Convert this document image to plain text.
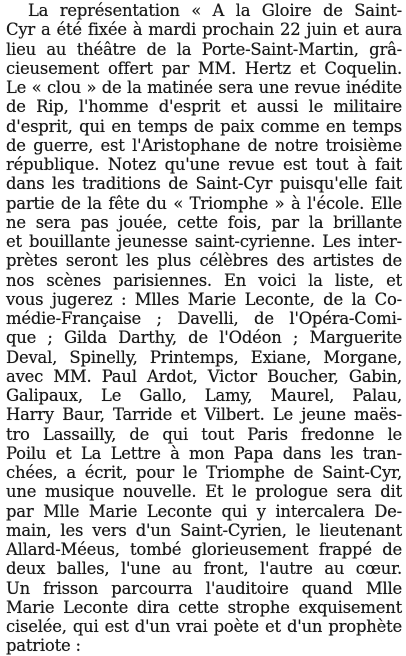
La représentation « A la Gloire de Saint-
Cyr a été fixée à mardi prochain 22 juin et aura
lieu au théâtre de la Porte-Saint-Martin, grâ-
cieusement offert par MM. Hertz et Coquelin.
Le « clou » de la matinée sera une revue inédite
de Rip, l'homme d'esprit et aussi le militaire
d'esprit, qui en temps de paix comme en temps
de guerre, est l'Aristophane de notre troisième
république. Notez qu'une revue est tout à fait
dans les traditions de Saint-Cyr puisqu'elle fait
partie de la fête du « Triomphe » à l'école. Elle
ne sera pas jouée, cette fois, par la brillante
et bouillante jeunesse saint-cyrienne. Les inter-
prètes seront les plus célèbres des artistes de
nos scènes parisiennes. En voici la liste, et
vous jugerez : Mlles Marie Leconte, de la Co-
médie-Française ; Davelli, de l'Opéra-Comi-
que ; Gilda Darthy, de l'Odéon ; Marguerite
Deval, Spinelly, Printemps, Exiane, Morgane,
avec MM. Paul Ardot, Victor Boucher, Gabin,
Galipaux, Le Gallo, Lamy, Maurel, Palau,
Harry Baur, Tarride et Vilbert. Le jeune maës-
tro Lassailly, de qui tout Paris fredonne le
Poilu et La Lettre à mon Papa dans les tran-
chées, a écrit, pour le Triomphe de Saint-Cyr,
une musique nouvelle. Et le prologue sera dit
par Mlle Marie Leconte qui y intercalera De-
main, les vers d'un Saint-Cyrien, le lieutenant
Allard-Méeus, tombé glorieusement frappé de
deux balles, l'une au front, l'autre au cœur.
Un frisson parcourra l'auditoire quand Mlle
Marie Leconte dira cette strophe exquisement
ciselée, qui est d'un vrai poète et d'un prophète
patriote :
